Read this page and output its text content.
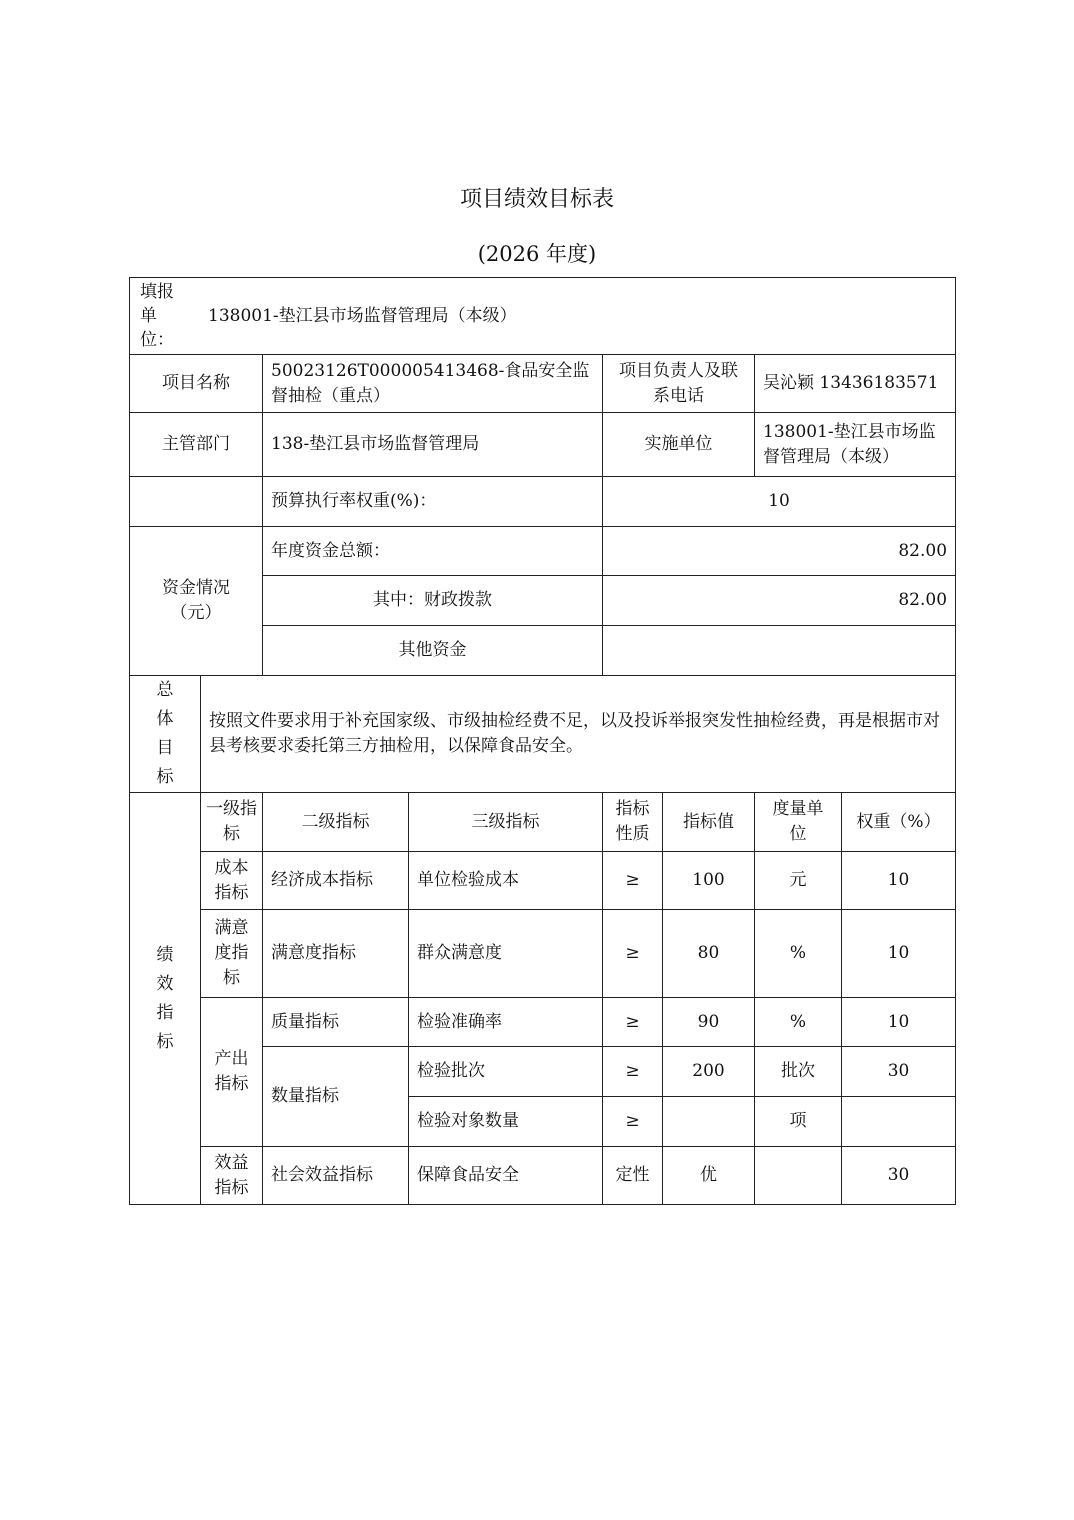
项目绩效目标表
(2026 年度)
填报单位：
138001-垫江县市场监督管理局（本级）							

项目名称		50023126T000005413468-食品安全监督抽检（重点）		项目负责人及联系电话		吴沁颖 13436183571	
主管部门		138-垫江县市场监督管理局		实施单位		138001-垫江县市场监督管理局（本级）	
		预算执行率权重(%)：		10			
资金情况（元）		年度资金总额：		82.00			
		其中：财政拨款		82.00			
		其他资金					
总体目标	按照文件要求用于补充国家级、市级抽检经费不足，以及投诉举报突发性抽检经费，再是根据市对县考核要求委托第三方抽检用，以保障食品安全。						
绩效指标	一级指标	二级指标	三级指标	指标性质	指标值	度量单位	权重（%）
	成本指标	经济成本指标	单位检验成本	≥	100	元	10
	满意度指标	满意度指标	群众满意度	≥	80	%	10
	产出指标	质量指标	检验准确率	≥	90	%	10
		数量指标	检验批次	≥	200	批次	30
			检验对象数量	≥		项	
	效益指标	社会效益指标	保障食品安全	定性	优		30
